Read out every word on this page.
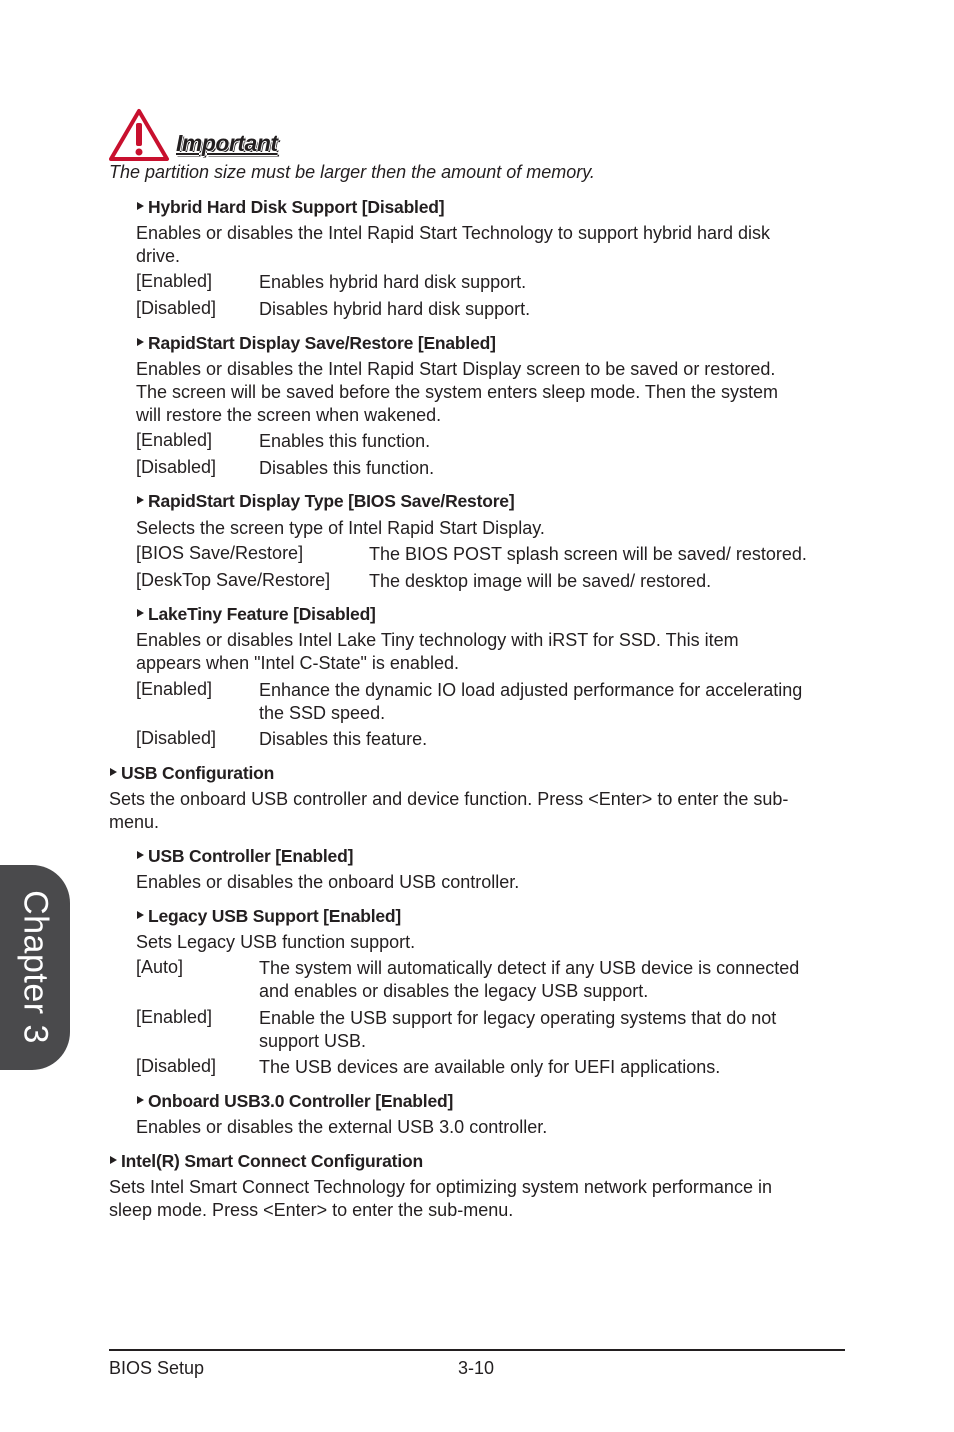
Important
The partition size must be larger then the amount of memory.
Hybrid Hard Disk Support [Disabled]
Enables or disables the Intel Rapid Start Technology to support hybrid hard disk
drive.
[Enabled]	Enables hybrid hard disk support.
[Disabled] Disables hybrid hard disk support.
RapidStart Display Save/Restore [Enabled]
Enables or disables the Intel Rapid Start Display screen to be saved or restored.
The screen will be saved before the system enters sleep mode. Then the system
will restore the screen when wakened.
[Enabled]	Enables this function.
[Disabled] Disables this function.
RapidStart Display Type [BIOS Save/Restore]
Selects the screen type of Intel Rapid Start Display.
[BIOS Save/Restore]	The BIOS POST splash screen will be saved/ restored.
[DeskTop Save/Restore] The desktop image will be saved/ restored.
LakeTiny Feature [Disabled]
Enables or disables Intel Lake Tiny technology with iRST for SSD. This item
appears when "Intel C-State" is enabled.
[Enabled]	Enhance the dynamic IO load adjusted performance for accelerating
the SSD speed.
[Disabled] Disables this feature.
USB Configuration
Sets the onboard USB controller and device function. Press <Enter> to enter the sub-
menu.
USB Controller [Enabled]
Enables or disables the onboard USB controller.
Legacy USB Support [Enabled]
Sets Legacy USB function support.
[Auto]	The system will automatically detect if any USB device is connected
and enables or disables the legacy USB support.
[Enabled]	Enable the USB support for legacy operating systems that do not
support USB.
[Disabled] The USB devices are available only for UEFI applications.
Onboard USB3.0 Controller [Enabled]
Enables or disables the external USB 3.0 controller.
Intel(R) Smart Connect Configuration
Sets Intel Smart Connect Technology for optimizing system network performance in
sleep mode. Press <Enter> to enter the sub-menu.
Chapter 3
BIOS Setup	3-10
